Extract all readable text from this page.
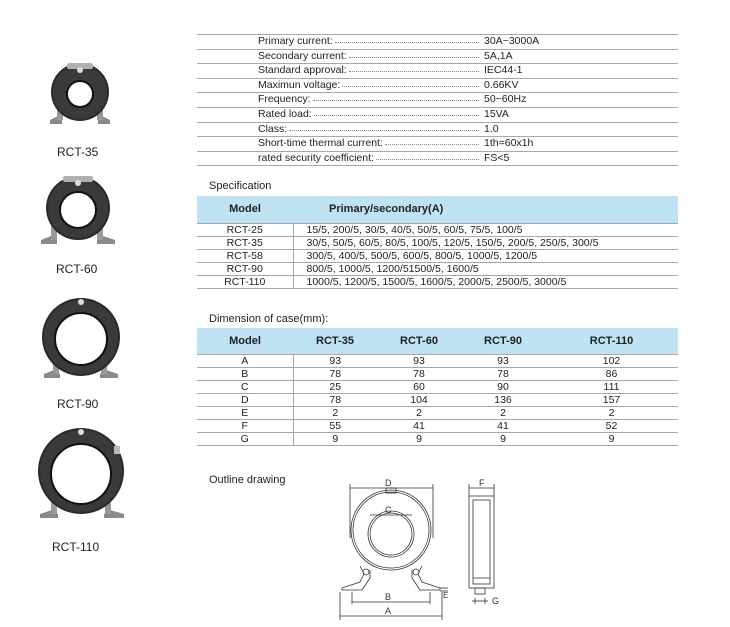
RCT-35
RCT-60
RCT-90
RCT-110
Primary current:	30A~3000A
Secondary current:	5A,1A
Standard approval:	IEC44-1
Maximun voltage:	0.66KV
Frequency:	50~60Hz
Rated load:	15VA
Class:	1.0
Short-time thermal current:	1th=60x1h
rated security coefficient:	FS<5
Specification
Model	Primary/secondary(A)
RCT-25	15/5, 200/5, 30/5, 40/5, 50/5, 60/5, 75/5, 100/5
RCT-35	30/5, 50/5, 60/5, 80/5, 100/5, 120/5, 150/5, 200/5, 250/5, 300/5
RCT-58	300/5, 400/5, 500/5, 600/5, 800/5, 1000/5, 1200/5
RCT-90	800/5, 1000/5, 1200/51500/5, 1600/5
RCT-110	1000/5, 1200/5, 1500/5, 1600/5, 2000/5, 2500/5, 3000/5
Dimension of case(mm):
Model	RCT-35	RCT-60	RCT-90	RCT-110
A	93	93	93	102
B	78	78	78	86
C	25	60	90	111
D	78	104	136	157
E	2	2	2	2
F	55	41	41	52
G	9	9	9	9
Outline drawing	D
C
B
A
E
F
G
